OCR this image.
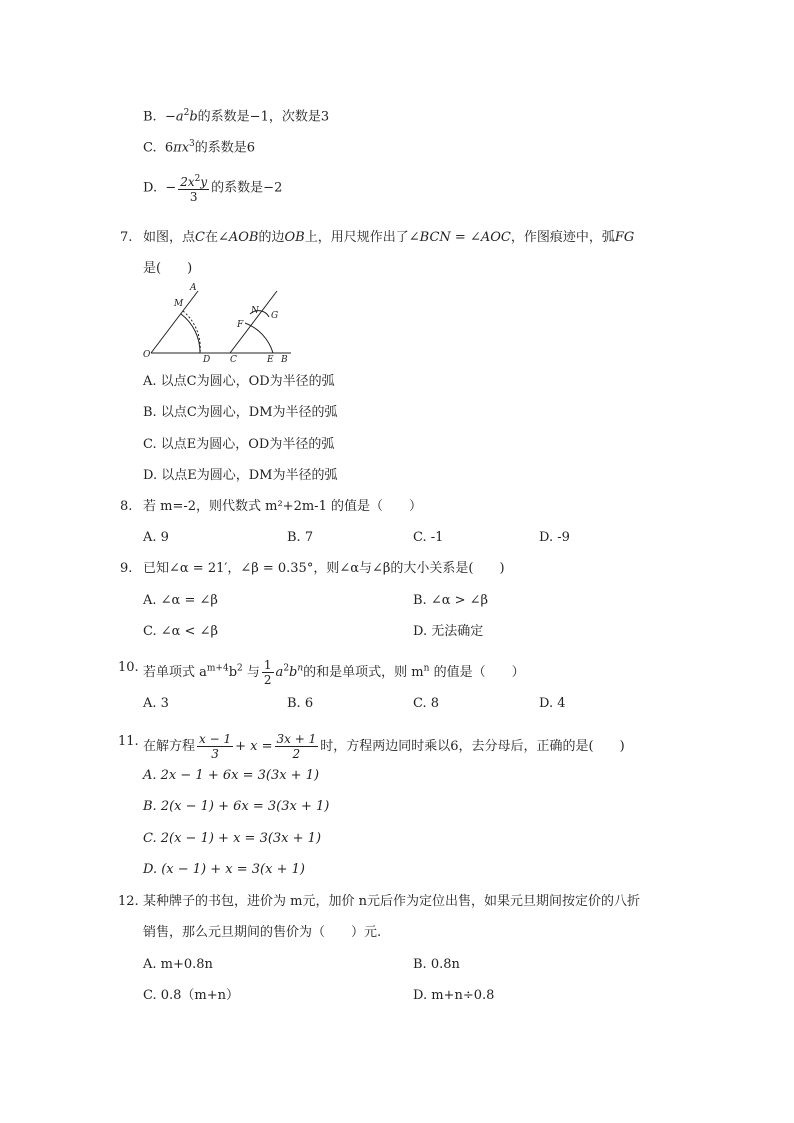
B.  $-a^2b$的系数是−1，次数是3
C.  $6\pi x^3$的系数是6
D.  − $\frac{2x^2y}{3}$ 的系数是−2
7. 如图，点C在∠AOB的边OB上，用尺规作出了∠BCN = ∠AOC，作图痕迹中，弧FG
是(　　)
A
M
N G
F
O	D C	E B
A. 以点C为圆心，OD为半径的弧
B. 以点C为圆心，DM为半径的弧
C. 以点E为圆心，OD为半径的弧
D. 以点E为圆心，DM为半径的弧
8. 若 m=-2，则代数式 m²+2m-1 的值是（　　）
A. 9	B. 7	C. -1	D. -9
9. 已知∠α = 21′，∠β = 0.35°，则∠α与∠β的大小关系是(　　)
A. ∠α = ∠β	B. ∠α > ∠β
C. ∠α < ∠β	D. 无法确定
10. 若单项式 $a^{m+4}b^2$ 与 $\frac{1}{2} a^2b^n$的和是单项式，则 $m^n$ 的值是（　　）
A. 3	B. 6	C. 8	D. 4
11. 在解方程 $\frac{x - 1}{3} + x = \frac{3x + 1}{2}$ 时，方程两边同时乘以6，去分母后，正确的是(　　)
A. 2x − 1 + 6x = 3(3x + 1)
B. 2(x − 1) + 6x = 3(3x + 1)
C. 2(x − 1) + x = 3(3x + 1)
D. (x − 1) + x = 3(x + 1)
12. 某种牌子的书包，进价为 m元，加价 n元后作为定位出售，如果元旦期间按定价的八折
销售，那么元旦期间的售价为（　　）元.
A. m+0.8n	B. 0.8n
C. 0.8（m+n）	D. m+n÷0.8
